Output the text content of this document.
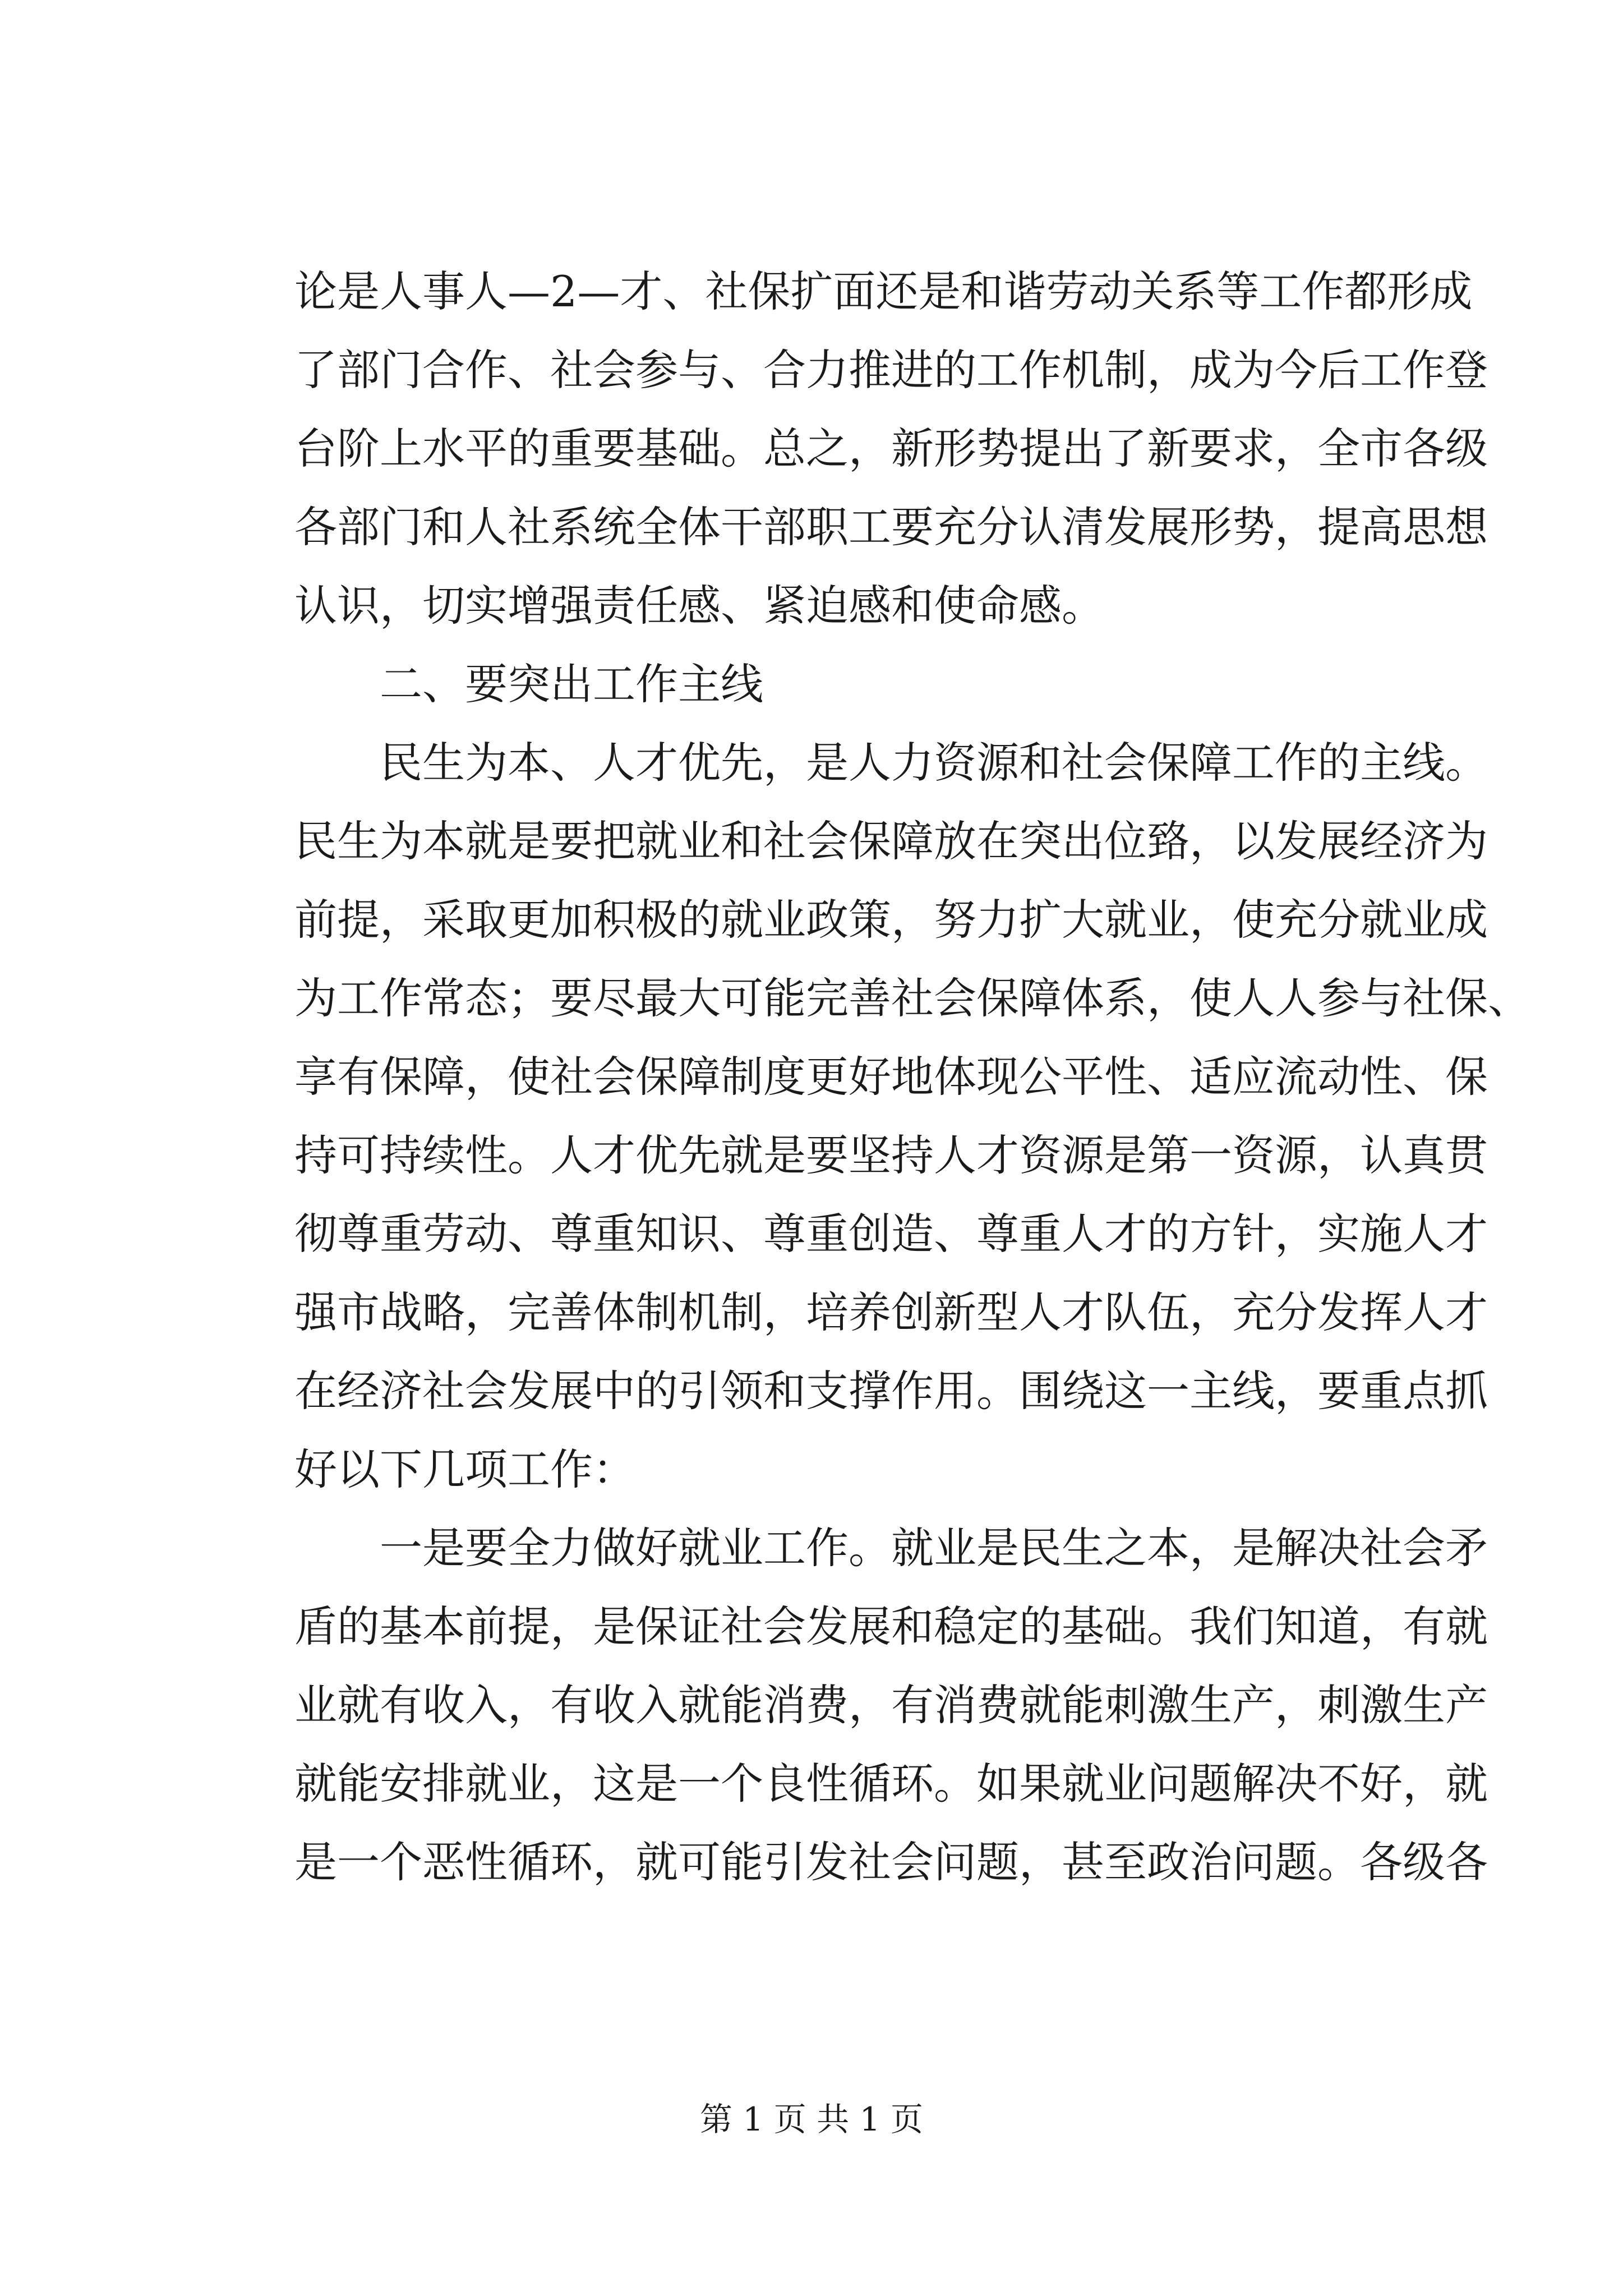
论是人事人—2—才、社保扩面还是和谐劳动关系等工作都形成
了部门合作、社会参与、合力推进的工作机制，成为今后工作登
台阶上水平的重要基础。总之，新形势提出了新要求，全市各级
各部门和人社系统全体干部职工要充分认清发展形势，提高思想
认识，切实增强责任感、紧迫感和使命感。
二、要突出工作主线
民生为本、人才优先，是人力资源和社会保障工作的主线。
民生为本就是要把就业和社会保障放在突出位臵，以发展经济为
前提，采取更加积极的就业政策，努力扩大就业，使充分就业成
为工作常态；要尽最大可能完善社会保障体系，使人人参与社保、
享有保障，使社会保障制度更好地体现公平性、适应流动性、保
持可持续性。人才优先就是要坚持人才资源是第一资源，认真贯
彻尊重劳动、尊重知识、尊重创造、尊重人才的方针，实施人才
强市战略，完善体制机制，培养创新型人才队伍，充分发挥人才
在经济社会发展中的引领和支撑作用。围绕这一主线，要重点抓
好以下几项工作：
一是要全力做好就业工作。就业是民生之本，是解决社会矛
盾的基本前提，是保证社会发展和稳定的基础。我们知道，有就
业就有收入，有收入就能消费，有消费就能刺激生产，刺激生产
就能安排就业，这是一个良性循环。如果就业问题解决不好，就
是一个恶性循环，就可能引发社会问题，甚至政治问题。各级各
第 1 页 共 1 页
